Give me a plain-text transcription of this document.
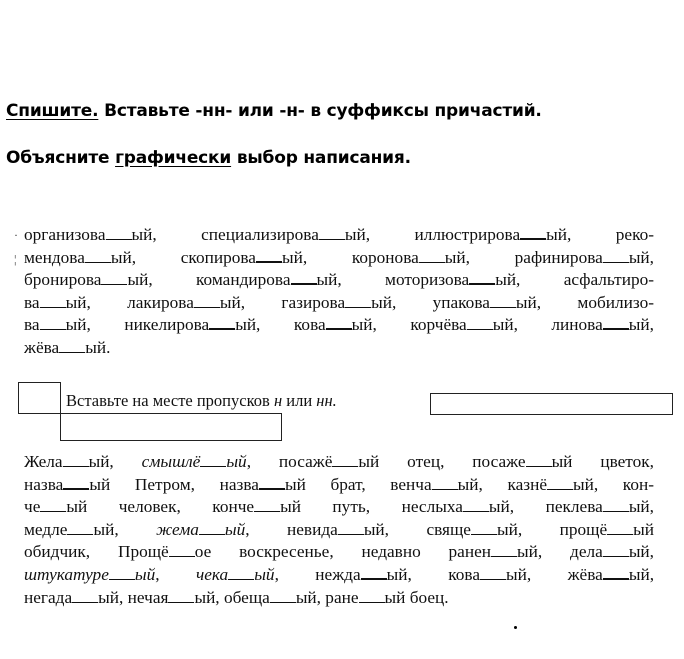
Спишите. Вставьте -нн- или -н- в суффиксы причастий.
Объясните графически выбор написания.
·
¦
организова ый, специализирова ый, иллюстрирова ый, реко-
мендова ый, скопирова ый, коронова ый, рафинирова ый,
бронирова ый, командирова ый, моторизова ый, асфальтиро-
ва ый, лакирова ый, газирова ый, упакова ый, мобилизо-
ва ый, никелирова ый, кова ый, корчёва ый, линова ый,
жёва ый.
Вставьте на месте пропусков н или нн.
Жела ый, смышлё ый, посажё ый отец, посаже ый цветок,
назва ый Петром, назва ый брат, венча ый, казнё ый, кон-
че ый человек, конче ый путь, неслыха ый, пеклева ый,
медле ый, жема ый, невида ый, свяще ый, прощё ый
обидчик, Прощё ое воскресенье, недавно ранен ый, дела ый,
штукатуре ый, чека ый, нежда ый, кова ый, жёва ый,
негада ый, нечая ый, обеща ый, ране ый боец.
